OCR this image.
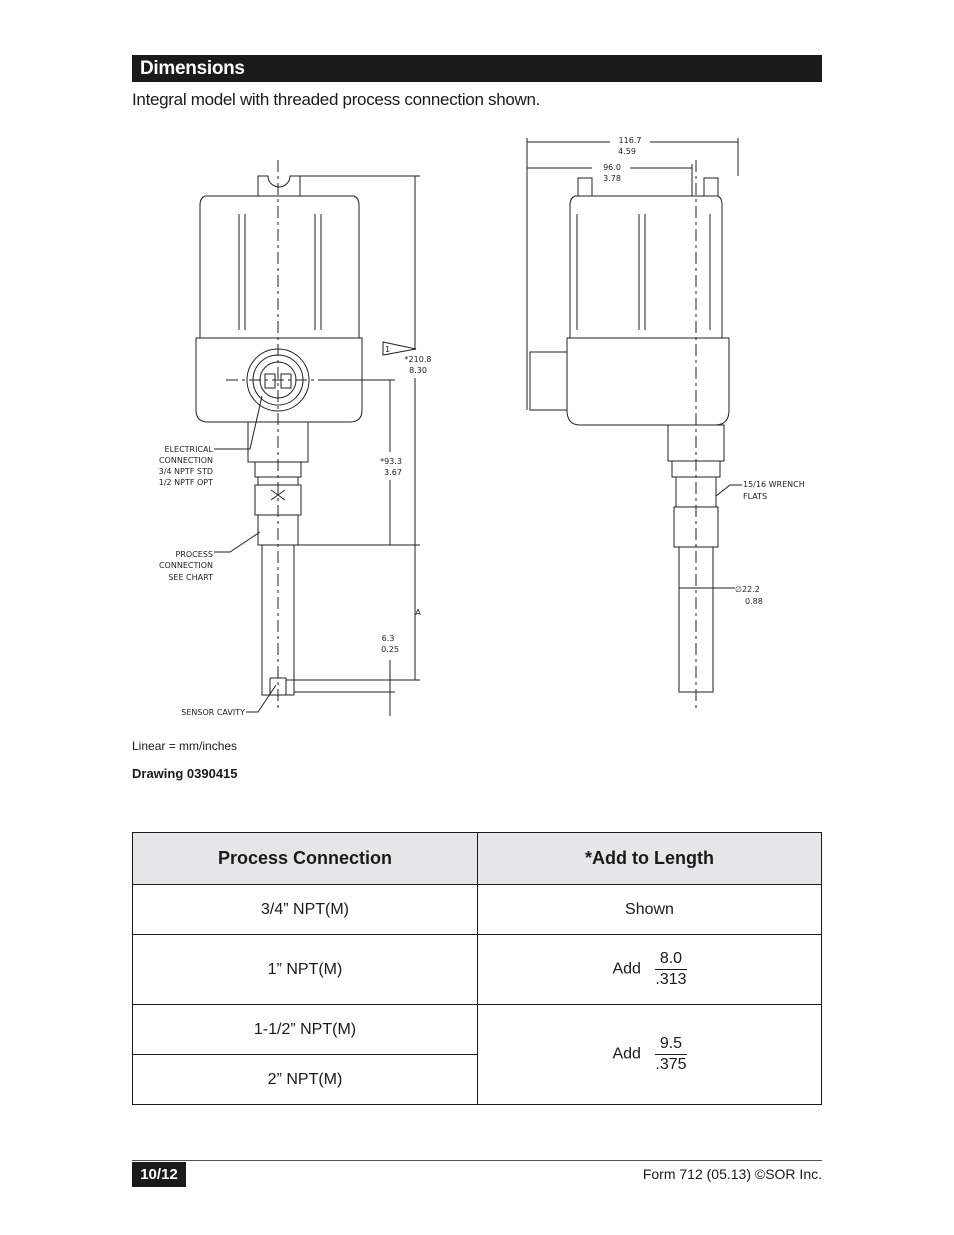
Dimensions
Integral model with threaded process connection shown.
ELECTRICAL
CONNECTION
3/4 NPTF STD
1/2 NPTF OPT
PROCESS
CONNECTION
SEE CHART
SENSOR CAVITY
1
*210.8
8.30
*93.3
3.67
A
6.3
0.25
116.7
4.59
96.0
3.78
15/16 WRENCH
FLATS
∅22.2
0.88
Linear = mm/inches
Drawing 0390415
Process Connection	*Add to Length
3/4” NPT(M)	Shown
1” NPT(M)	Add $\frac{8.0}{.313}$

1-1/2” NPT(M)	Add $\frac{9.5}{.375}$

2” NPT(M)	
10/12	Form 712 (05.13) ©SOR Inc.
